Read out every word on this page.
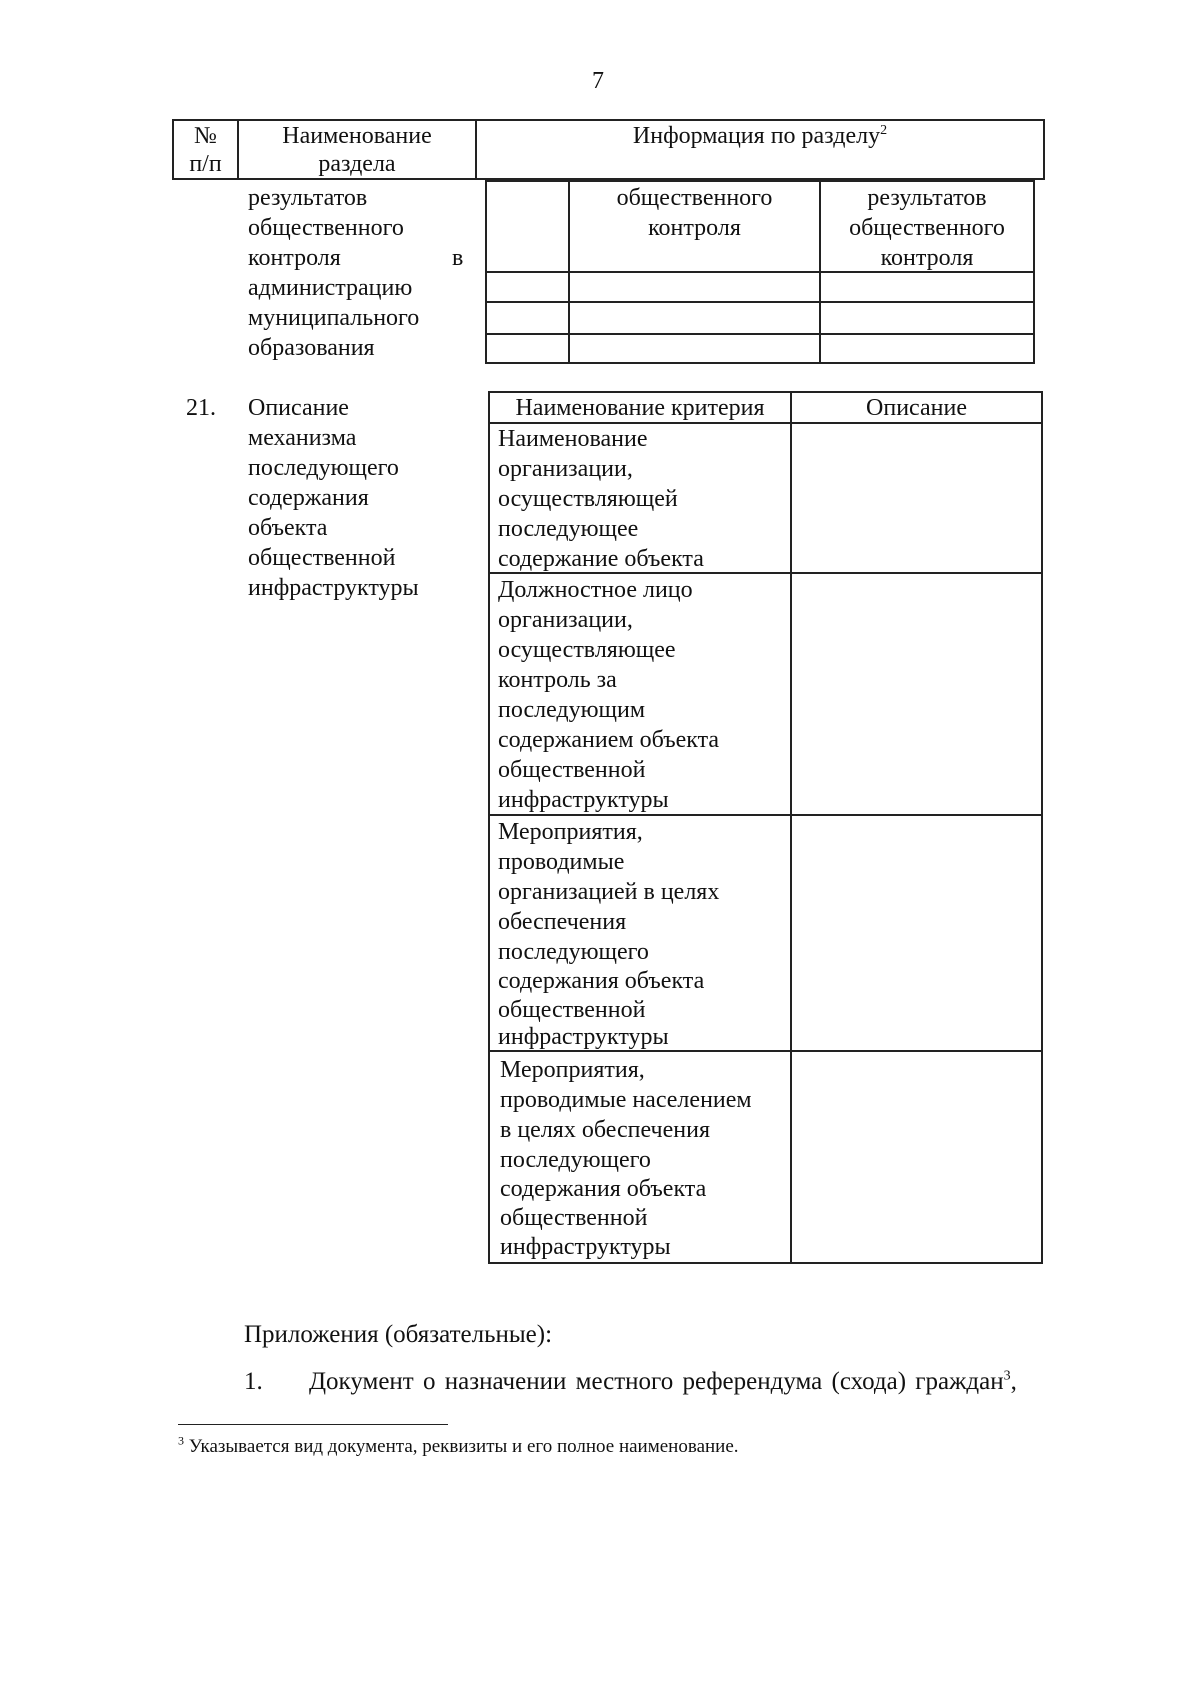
7
№
п/п
Наименование
раздела
Информация по разделу$^2$
результатов
общественного
контроля	в
администрацию
муниципального
образования
общественного
контроля
результатов
общественного
контроля
21. Описание
механизма
последующего
содержания
объекта
общественной
инфраструктуры
Наименование критерия	Описание
Наименование
организации,
осуществляющей
последующее
содержание объекта
Должностное лицо
организации,
осуществляющее
контроль за
последующим
содержанием объекта
общественной
инфраструктуры
Мероприятия,
проводимые
организацией в целях
обеспечения
последующего
содержания объекта
общественной
инфраструктуры
Мероприятия,
проводимые населением
в целях обеспечения
последующего
содержания объекта
общественной
инфраструктуры
Приложения (обязательные):
1. Документ о назначении местного референдума (схода) граждан$^3$,
$^3$ Указывается вид документа, реквизиты и его полное наименование.
